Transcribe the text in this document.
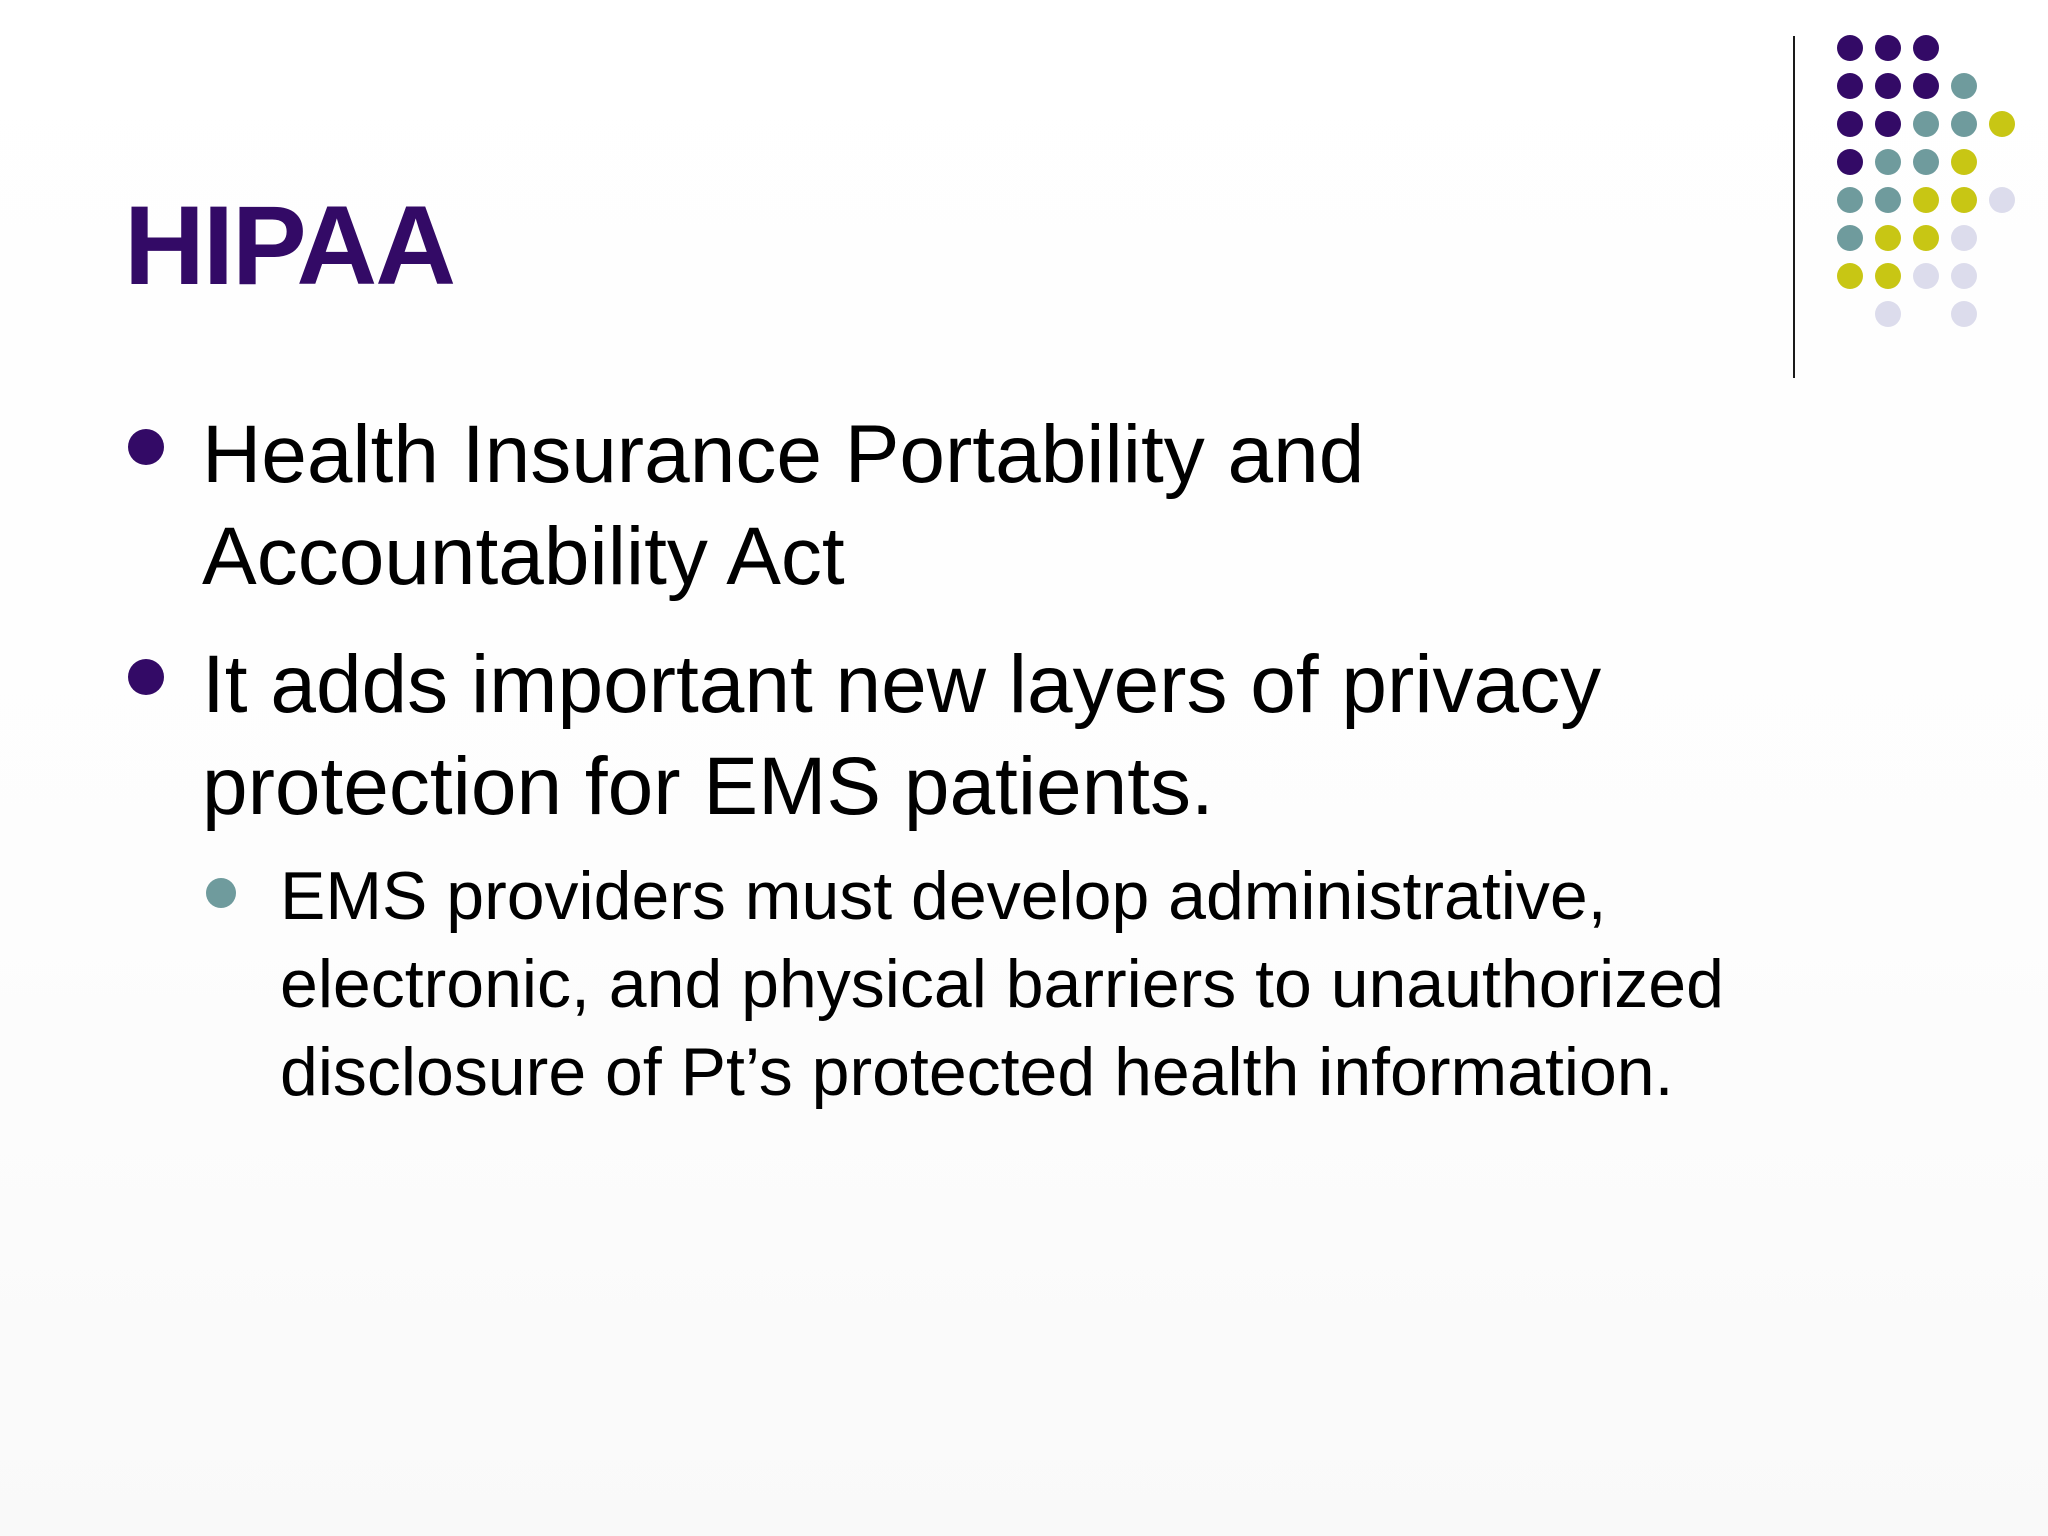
HIPAA
Health Insurance Portability and
Accountability Act
It adds important new layers of privacy
protection for EMS patients.
EMS providers must develop administrative,
electronic, and physical barriers to unauthorized
disclosure of Pt’s protected health information.
